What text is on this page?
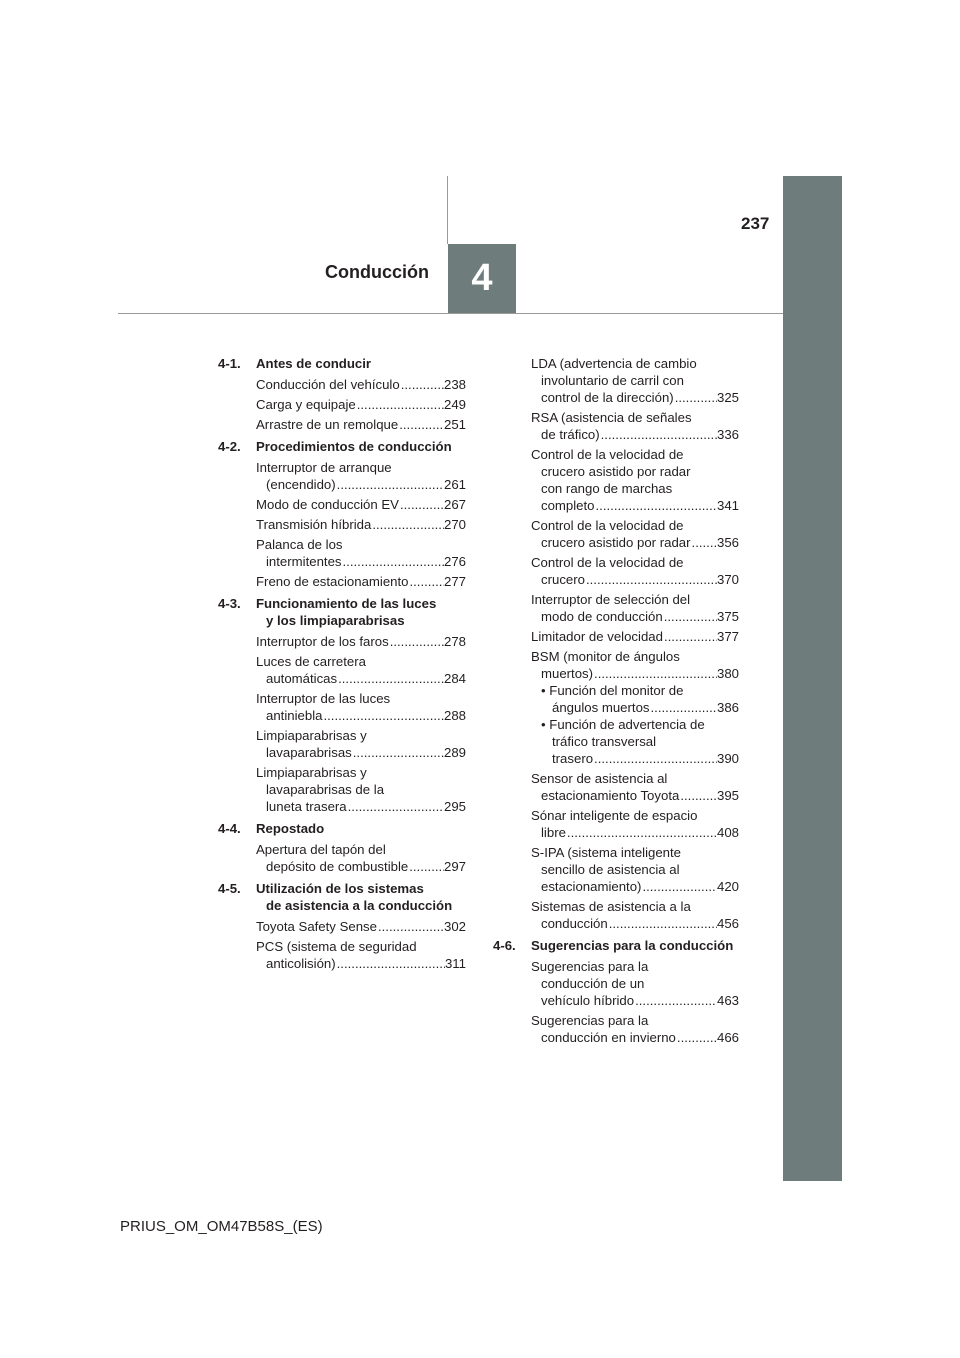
237
4
Conducción
4-1.	Antes de conducir
Conducción del vehículo .....	238
Carga y equipaje .....	249
Arrastre de un remolque .....	251
4-2.	Procedimientos de conducción
Interruptor de arranque
(encendido) .....	261
Modo de conducción EV .....	267
Transmisión híbrida .....	270
Palanca de los
intermitentes .....	276
Freno de estacionamiento .....	277
4-3.	Funcionamiento de las luces
y los limpiaparabrisas
Interruptor de los faros .....	278
Luces de carretera
automáticas .....	284
Interruptor de las luces
antiniebla .....	288
Limpiaparabrisas y
lavaparabrisas .....	289
Limpiaparabrisas y
lavaparabrisas de la
luneta trasera .....	295
4-4.	Repostado
Apertura del tapón del
depósito de combustible .....	297
4-5.	Utilización de los sistemas
de asistencia a la conducción
Toyota Safety Sense .....	302
PCS (sistema de seguridad
anticolisión) .....	311
LDA (advertencia de cambio
involuntario de carril con
control de la dirección) .....	325
RSA (asistencia de señales
de tráfico) .....	336
Control de la velocidad de
crucero asistido por radar
con rango de marchas
completo .....	341
Control de la velocidad de
crucero asistido por radar ..... 356
Control de la velocidad de
crucero .....	370
Interruptor de selección del
modo de conducción .....	375
Limitador de velocidad .....	377
BSM (monitor de ángulos
muertos) .....	380
• Función del monitor de
ángulos muertos .....	386
• Función de advertencia de
tráfico transversal
trasero .....	390
Sensor de asistencia al
estacionamiento Toyota .....	395
Sónar inteligente de espacio
libre .....	408
S-IPA (sistema inteligente
sencillo de asistencia al
estacionamiento) .....	420
Sistemas de asistencia a la
conducción .....	456
4-6.	Sugerencias para la conducción
Sugerencias para la
conducción de un
vehículo híbrido .....	463
Sugerencias para la
conducción en invierno .....	466
PRIUS_OM_OM47B58S_(ES)
